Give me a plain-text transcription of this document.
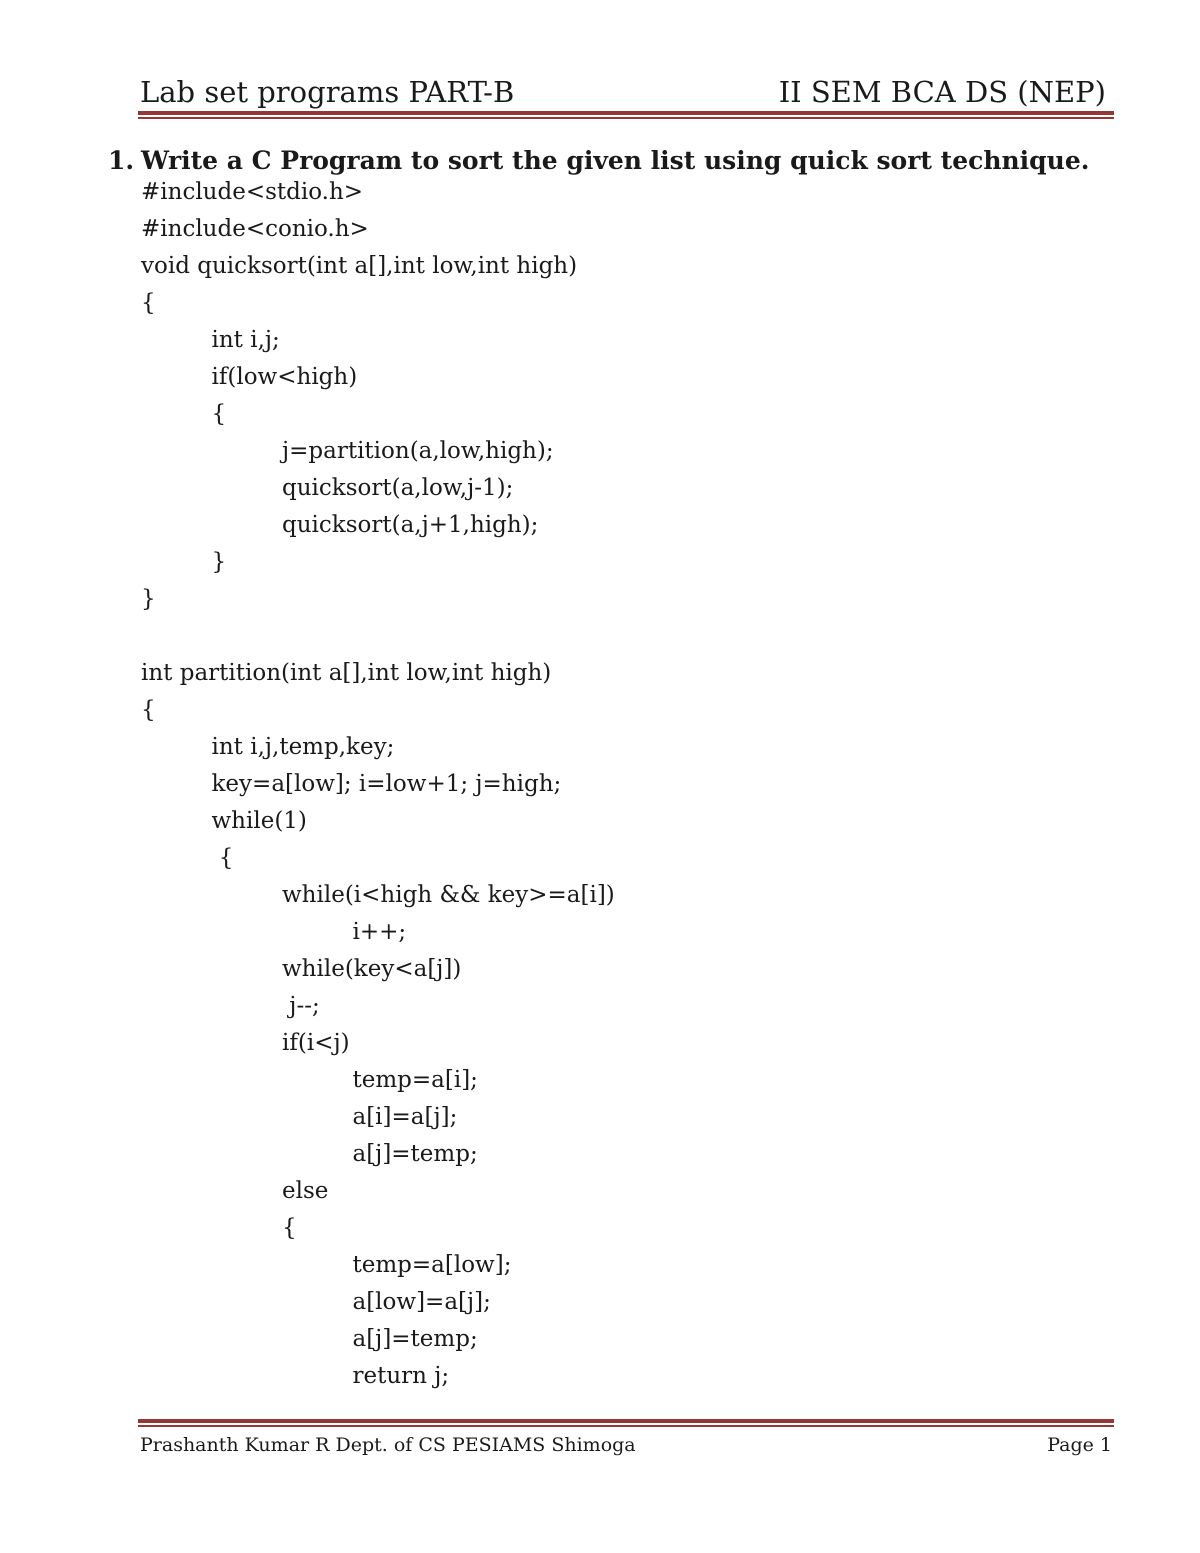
Lab set programs PART-B	II SEM BCA DS (NEP)
1. Write a C Program to sort the given list using quick sort technique.
#include<stdio.h>
#include<conio.h>
void quicksort(int a[],int low,int high)
{
int i,j;
if(low<high)
{
j=partition(a,low,high);
quicksort(a,low,j-1);
quicksort(a,j+1,high);
}
}
int partition(int a[],int low,int high)
{
int i,j,temp,key;
key=a[low]; i=low+1; j=high;
while(1)
{
while(i<high && key>=a[i])
i++;
while(key<a[j])
j--;
if(i<j)
temp=a[i];
a[i]=a[j];
a[j]=temp;
else
{
temp=a[low];
a[low]=a[j];
a[j]=temp;
return j;
Prashanth Kumar R Dept. of CS PESIAMS Shimoga	Page 1
